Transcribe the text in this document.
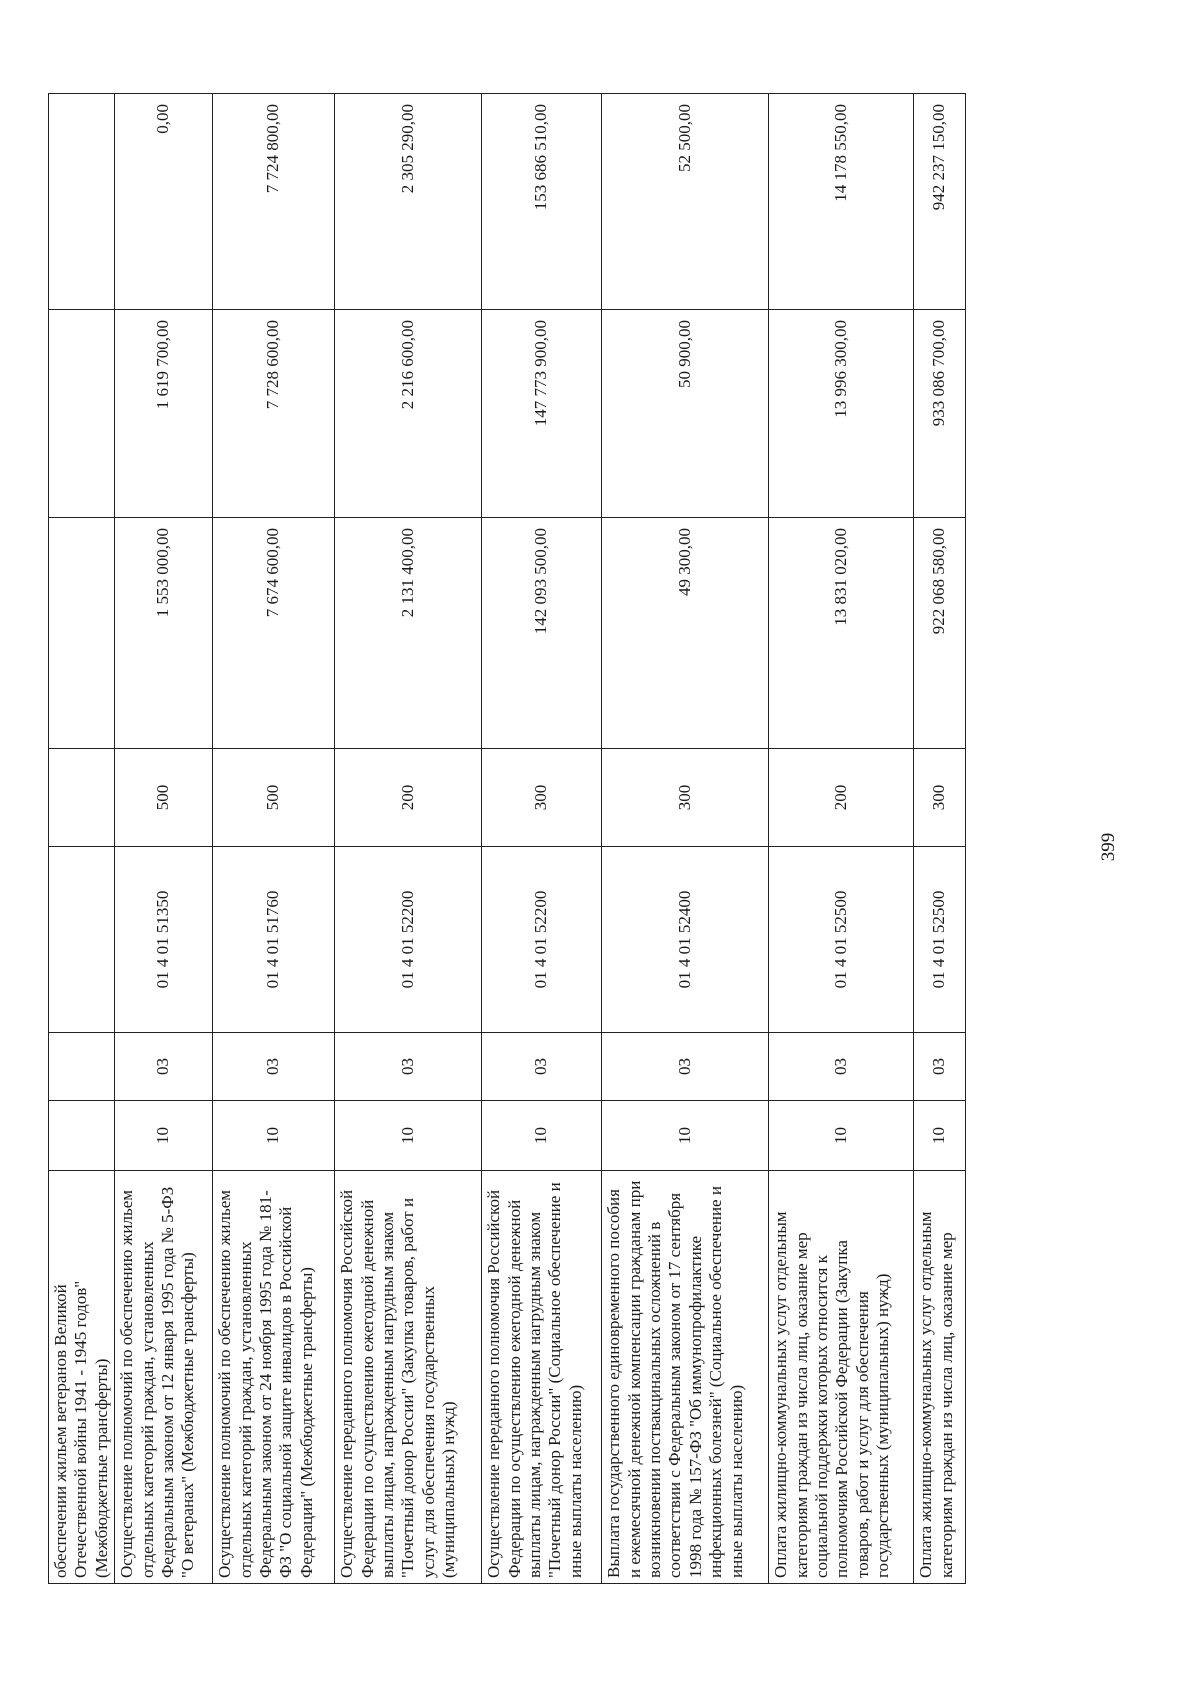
399
обеспечении жильем ветеранов Великой Отечественной войны 1941 - 1945 годов" (Межбюджетные трансферты)							
Осуществление полномочий по обеспечению жильем отдельных категорий граждан, установленных Федеральным законом от 12 января 1995 года № 5-ФЗ "О ветеранах" (Межбюджетные трансферты)	10	03	01 4 01 51350	500	1 553 000,00	1 619 700,00	0,00
Осуществление полномочий по обеспечению жильем отдельных категорий граждан, установленных Федеральным законом от 24 ноября 1995 года № 181-ФЗ "О социальной защите инвалидов в Российской Федерации" (Межбюджетные трансферты)	10	03	01 4 01 51760	500	7 674 600,00	7 728 600,00	7 724 800,00
Осуществление переданного полномочия Российской Федерации по осуществлению ежегодной денежной выплаты лицам, награжденным нагрудным знаком "Почетный донор России" (Закупка товаров, работ и услуг для обеспечения государственных (муниципальных) нужд)	10	03	01 4 01 52200	200	2 131 400,00	2 216 600,00	2 305 290,00
Осуществление переданного полномочия Российской Федерации по осуществлению ежегодной денежной выплаты лицам, награжденным нагрудным знаком "Почетный донор России" (Социальное обеспечение и иные выплаты населению)	10	03	01 4 01 52200	300	142 093 500,00	147 773 900,00	153 686 510,00
Выплата государственного единовременного пособия и ежемесячной денежной компенсации гражданам при возникновении поствакцинальных осложнений в соответствии с Федеральным законом от 17 сентября 1998 года № 157-ФЗ "Об иммунопрофилактике инфекционных болезней" (Социальное обеспечение и иные выплаты населению)	10	03	01 4 01 52400	300	49 300,00	50 900,00	52 500,00
Оплата жилищно-коммунальных услуг отдельным категориям граждан из числа лиц, оказание мер социальной поддержки которых относится к полномочиям Российской Федерации (Закупка товаров, работ и услуг для обеспечения государственных (муниципальных) нужд)	10	03	01 4 01 52500	200	13 831 020,00	13 996 300,00	14 178 550,00
Оплата жилищно-коммунальных услуг отдельным категориям граждан из числа лиц, оказание мер	10	03	01 4 01 52500	300	922 068 580,00	933 086 700,00	942 237 150,00
